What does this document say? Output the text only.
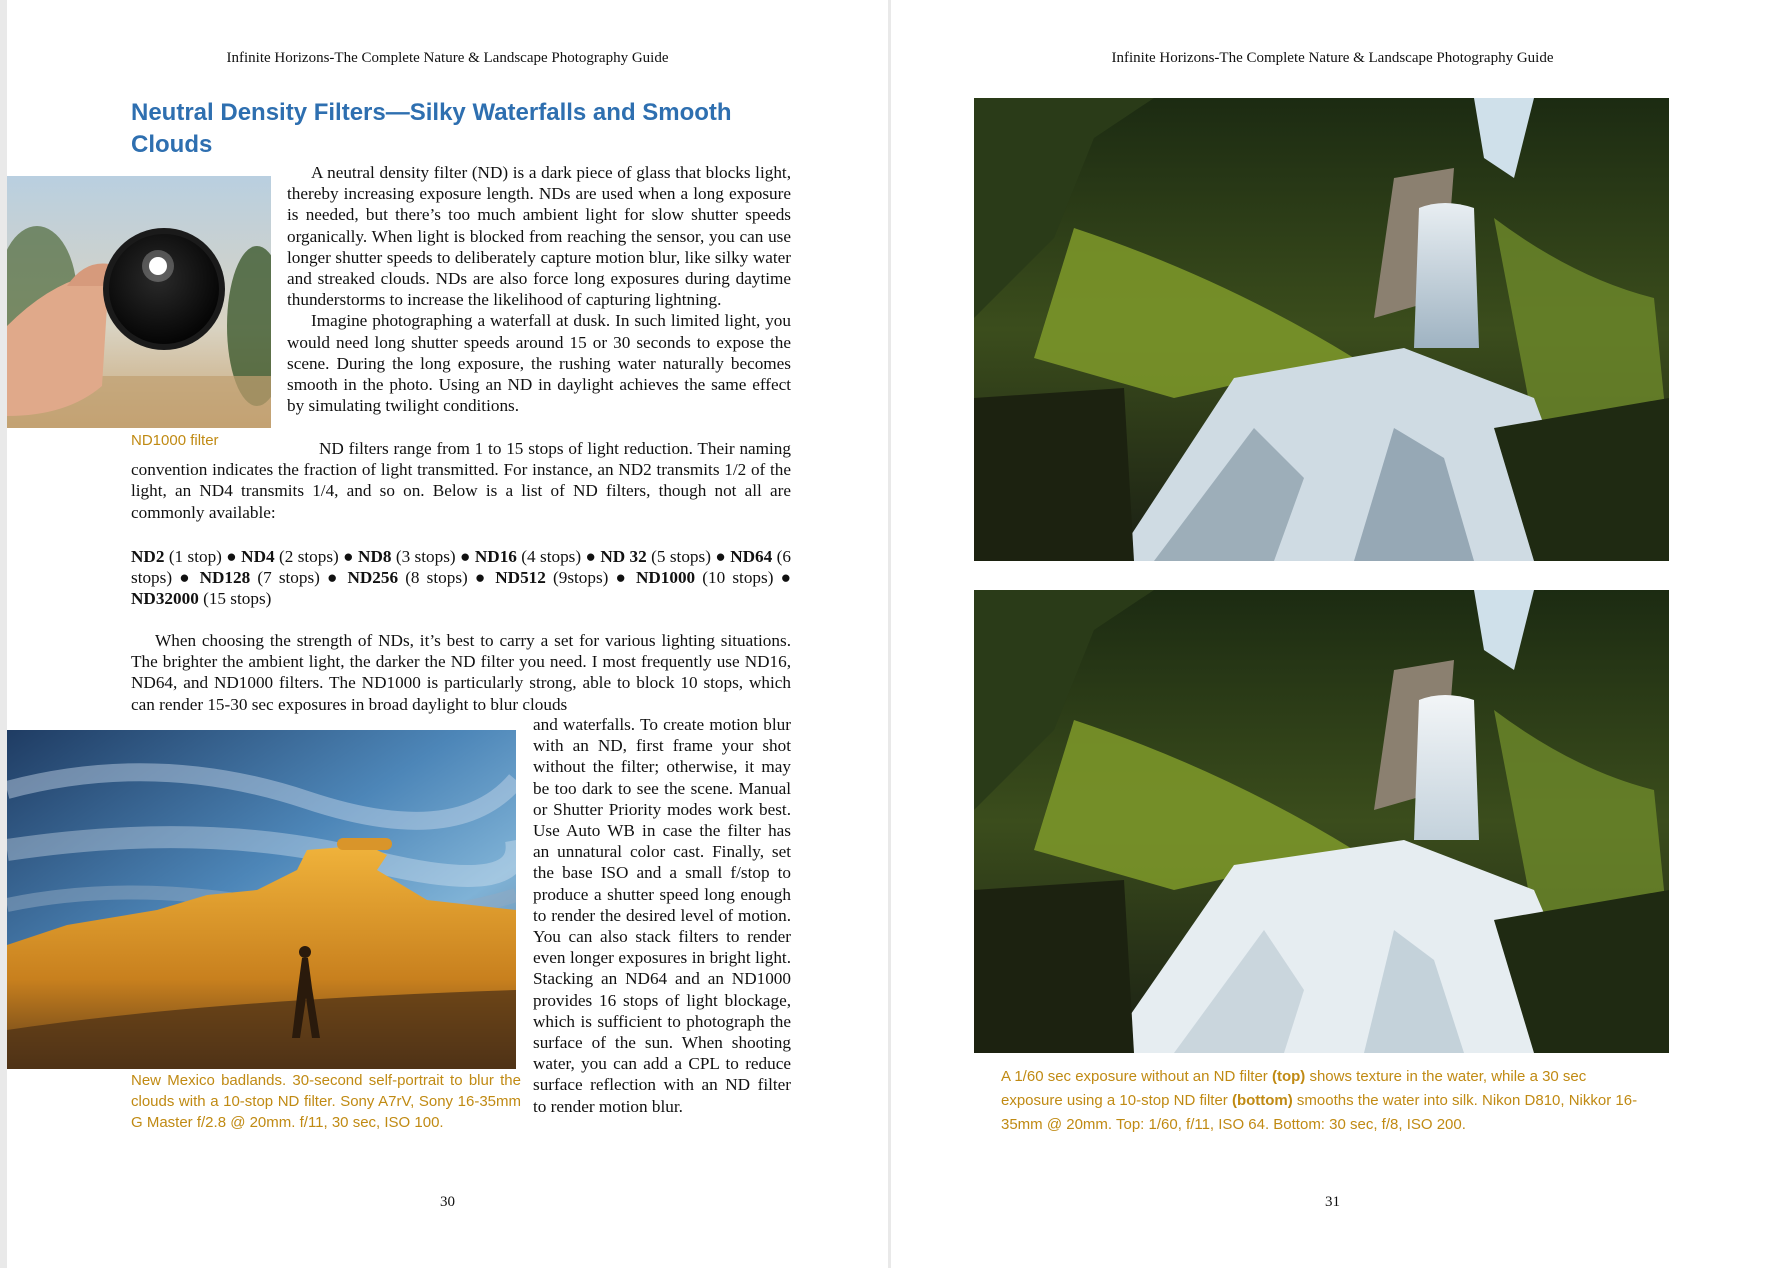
Infinite Horizons-The Complete Nature & Landscape Photography Guide
Neutral Density Filters—Silky Waterfalls and Smooth Clouds
ND1000 filter

A neutral density filter (ND) is a dark piece of glass that blocks light, thereby increasing exposure length. NDs are used when a long exposure is needed, but there’s too much ambient light for slow shutter speeds organically. When light is blocked from reaching the sensor, you can use longer shutter speeds to deliberately capture motion blur, like silky water and streaked clouds. NDs are also force long exposures during daytime thunderstorms to increase the likelihood of capturing lightning.

Imagine photographing a waterfall at dusk. In such limited light, you would need long shutter speeds around 15 or 30 seconds to expose the scene. During the long exposure, the rushing water naturally becomes smooth in the photo. Using an ND in daylight achieves the same effect by simulating twilight conditions.

ND filters range from 1 to 15 stops of light reduction. Their naming convention indicates the fraction of light transmitted. For instance, an ND2 transmits 1/2 of the light, an ND4 transmits 1/4, and so on. Below is a list of ND filters, though not all are commonly available:

ND2 (1 stop) ● ND4 (2 stops) ● ND8 (3 stops) ● ND16 (4 stops) ● ND 32 (5 stops) ● ND64 (6 stops) ● ND128 (7 stops) ● ND256 (8 stops) ● ND512 (9stops) ● ND1000 (10 stops) ● ND32000 (15 stops)

When choosing the strength of NDs, it’s best to carry a set for various lighting situations. The brighter the ambient light, the darker the ND filter you need. I most frequently use ND16, ND64, and ND1000 filters. The ND1000 is particularly strong, able to block 10 stops, which can render 15-30 sec exposures in broad daylight to blur clouds

New Mexico badlands. 30-second self-portrait to blur the clouds with a 10-stop ND filter. Sony A7rV, Sony 16-35mm G Master f/2.8 @ 20mm. f/11, 30 sec, ISO 100.

and waterfalls. To create motion blur with an ND, first frame your shot without the filter; otherwise, it may be too dark to see the scene. Manual or Shutter Priority modes work best. Use Auto WB in case the filter has an unnatural color cast. Finally, set the base ISO and a small f/stop to produce a shutter speed long enough to render the desired level of motion. You can also stack filters to render even longer exposures in bright light. Stacking an ND64 and an ND1000 provides 16 stops of light blockage, which is sufficient to photograph the surface of the sun. When shooting water, you can add a CPL to reduce surface reflection with an ND filter to render motion blur.

30
Infinite Horizons-The Complete Nature & Landscape Photography Guide
A 1/60 sec exposure without an ND filter (top) shows texture in the water, while a 30 sec exposure using a 10-stop ND filter (bottom) smooths the water into silk. Nikon D810, Nikkor 16-35mm @ 20mm. Top: 1/60, f/11, ISO 64. Bottom: 30 sec, f/8, ISO 200.
31
